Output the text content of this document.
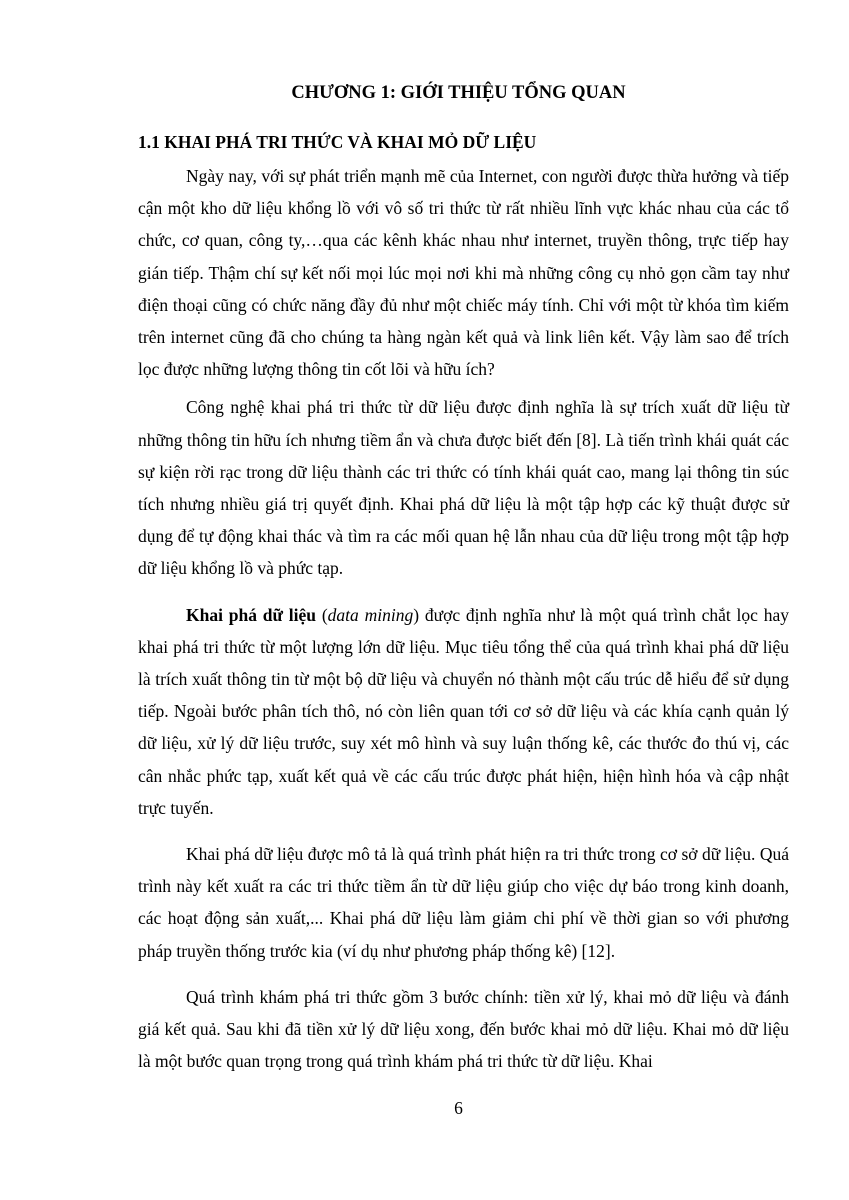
CHƯƠNG 1: GIỚI THIỆU TỔNG QUAN
1.1 KHAI PHÁ TRI THỨC VÀ KHAI MỎ DỮ LIỆU

Ngày nay, với sự phát triển mạnh mẽ của Internet, con người được thừa hưởng và tiếp cận một kho dữ liệu khổng lồ với vô số tri thức từ rất nhiều lĩnh vực khác nhau của các tổ chức, cơ quan, công ty,…qua các kênh khác nhau như internet, truyền thông, trực tiếp hay gián tiếp. Thậm chí sự kết nối mọi lúc mọi nơi khi mà những công cụ nhỏ gọn cầm tay như điện thoại cũng có chức năng đầy đủ như một chiếc máy tính. Chỉ với một từ khóa tìm kiếm trên internet cũng đã cho chúng ta hàng ngàn kết quả và link liên kết. Vậy làm sao để trích lọc được những lượng thông tin cốt lõi và hữu ích?

Công nghệ khai phá tri thức từ dữ liệu được định nghĩa là sự trích xuất dữ liệu từ những thông tin hữu ích nhưng tiềm ẩn và chưa được biết đến [8]. Là tiến trình khái quát các sự kiện rời rạc trong dữ liệu thành các tri thức có tính khái quát cao, mang lại thông tin súc tích nhưng nhiều giá trị quyết định. Khai phá dữ liệu là một tập hợp các kỹ thuật được sử dụng để tự động khai thác và tìm ra các mối quan hệ lẫn nhau của dữ liệu trong một tập hợp dữ liệu khổng lồ và phức tạp.

Khai phá dữ liệu (data mining) được định nghĩa như là một quá trình chắt lọc hay khai phá tri thức từ một lượng lớn dữ liệu. Mục tiêu tổng thể của quá trình khai phá dữ liệu là trích xuất thông tin từ một bộ dữ liệu và chuyển nó thành một cấu trúc dễ hiểu để sử dụng tiếp. Ngoài bước phân tích thô, nó còn liên quan tới cơ sở dữ liệu và các khía cạnh quản lý dữ liệu, xử lý dữ liệu trước, suy xét mô hình và suy luận thống kê, các thước đo thú vị, các cân nhắc phức tạp, xuất kết quả về các cấu trúc được phát hiện, hiện hình hóa và cập nhật trực tuyến.

Khai phá dữ liệu được mô tả là quá trình phát hiện ra tri thức trong cơ sở dữ liệu. Quá trình này kết xuất ra các tri thức tiềm ẩn từ dữ liệu giúp cho việc dự báo trong kinh doanh, các hoạt động sản xuất,... Khai phá dữ liệu làm giảm chi phí về thời gian so với phương pháp truyền thống trước kia (ví dụ như phương pháp thống kê) [12].

Quá trình khám phá tri thức gồm 3 bước chính: tiền xử lý, khai mỏ dữ liệu và đánh giá kết quả. Sau khi đã tiền xử lý dữ liệu xong, đến bước khai mỏ dữ liệu. Khai mỏ dữ liệu là một bước quan trọng trong quá trình khám phá tri thức từ dữ liệu. Khai

6
